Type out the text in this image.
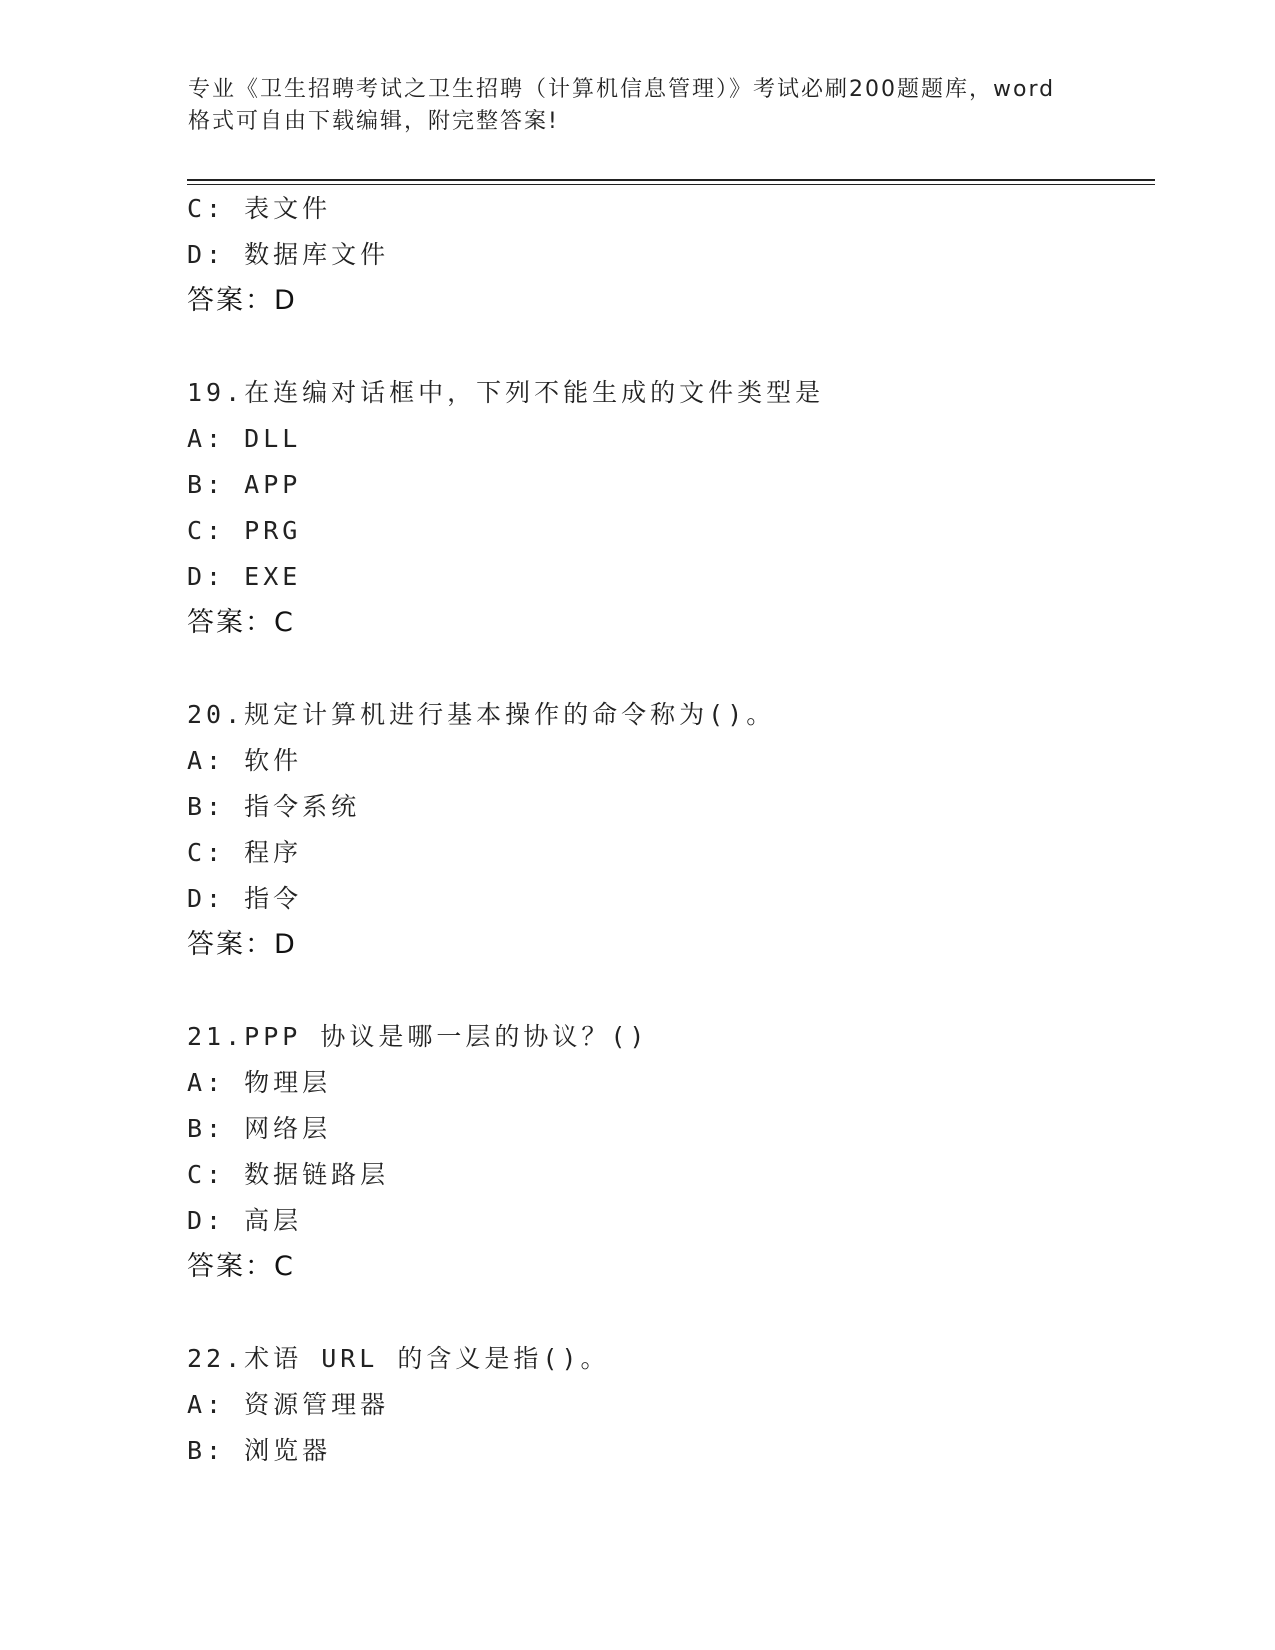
专业《卫生招聘考试之卫生招聘（计算机信息管理）》考试必刷200题题库，word
格式可自由下载编辑，附完整答案!
C: 表文件
D: 数据库文件
答案：D
19.在连编对话框中，下列不能生成的文件类型是
A: DLL
B: APP
C: PRG
D: EXE
答案：C
20.规定计算机进行基本操作的命令称为()。
A: 软件
B: 指令系统
C: 程序
D: 指令
答案：D
21.PPP 协议是哪一层的协议？()
A: 物理层
B: 网络层
C: 数据链路层
D: 高层
答案：C
22.术语 URL 的含义是指()。
A: 资源管理器
B: 浏览器
